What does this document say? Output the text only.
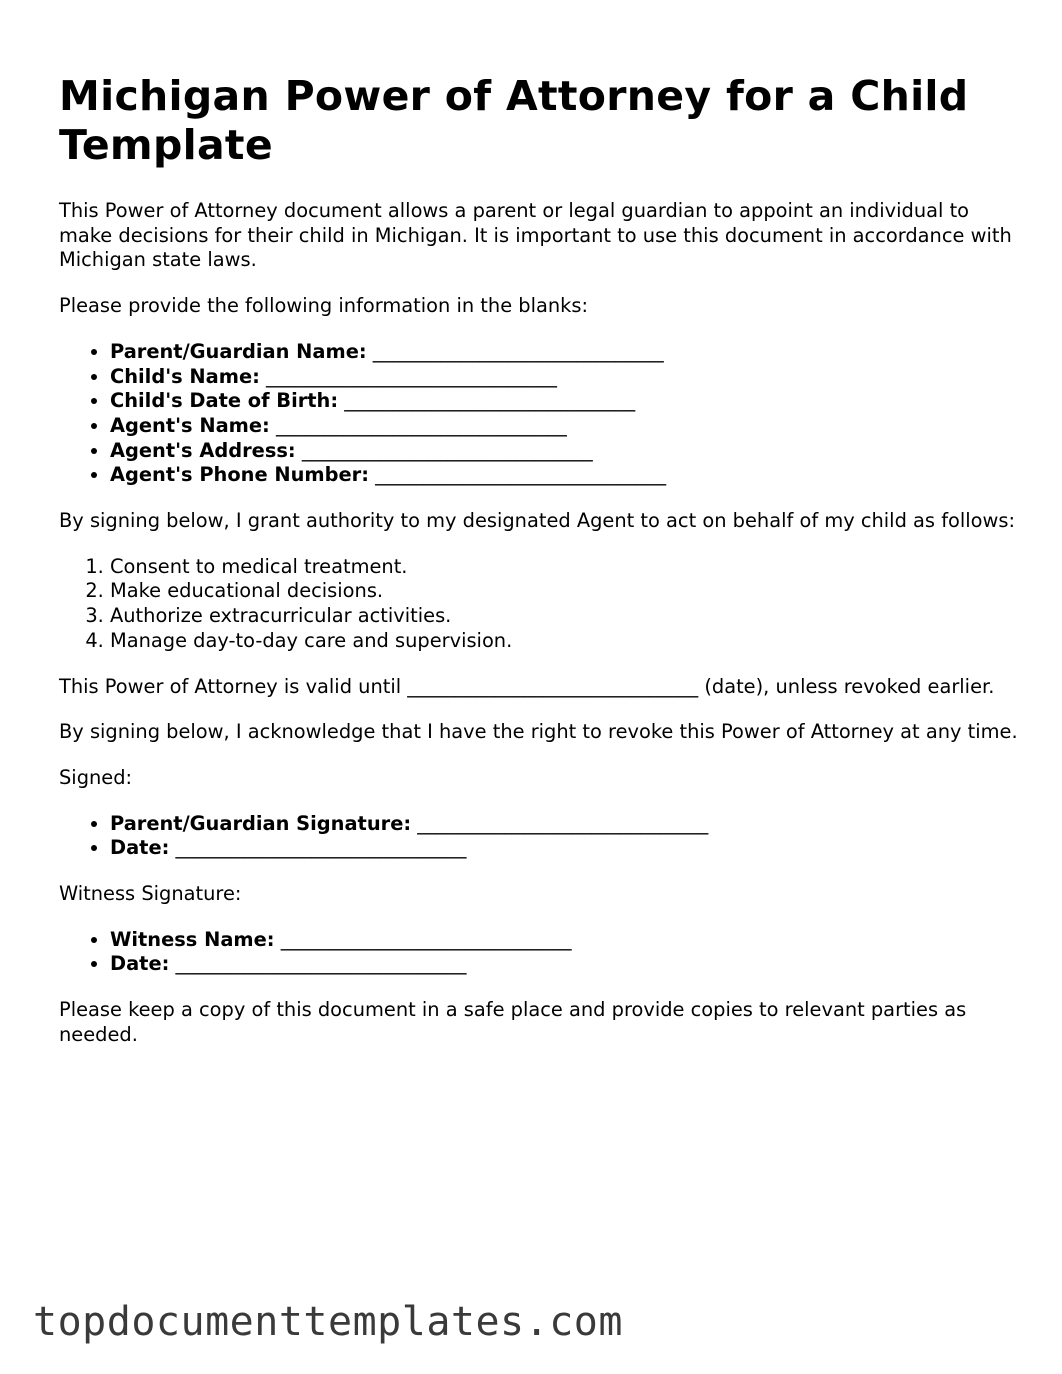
Michigan Power of Attorney for a Child Template

This Power of Attorney document allows a parent or legal guardian to appoint an individual to make decisions for their child in Michigan. It is important to use this document in accordance with Michigan state laws.

Please provide the following information in the blanks:

• Parent/Guardian Name: ______________________________
• Child's Name: ______________________________
• Child's Date of Birth: ______________________________
• Agent's Name: ______________________________
• Agent's Address: ______________________________
• Agent's Phone Number: ______________________________

By signing below, I grant authority to my designated Agent to act on behalf of my child as follows:

1. Consent to medical treatment.
2. Make educational decisions.
3. Authorize extracurricular activities.
4. Manage day-to-day care and supervision.

This Power of Attorney is valid until ______________________________ (date), unless revoked earlier.

By signing below, I acknowledge that I have the right to revoke this Power of Attorney at any time.

Signed:

• Parent/Guardian Signature: ______________________________
• Date: ______________________________

Witness Signature:

• Witness Name: ______________________________
• Date: ______________________________

Please keep a copy of this document in a safe place and provide copies to relevant parties as needed.

topdocumenttemplates.com
